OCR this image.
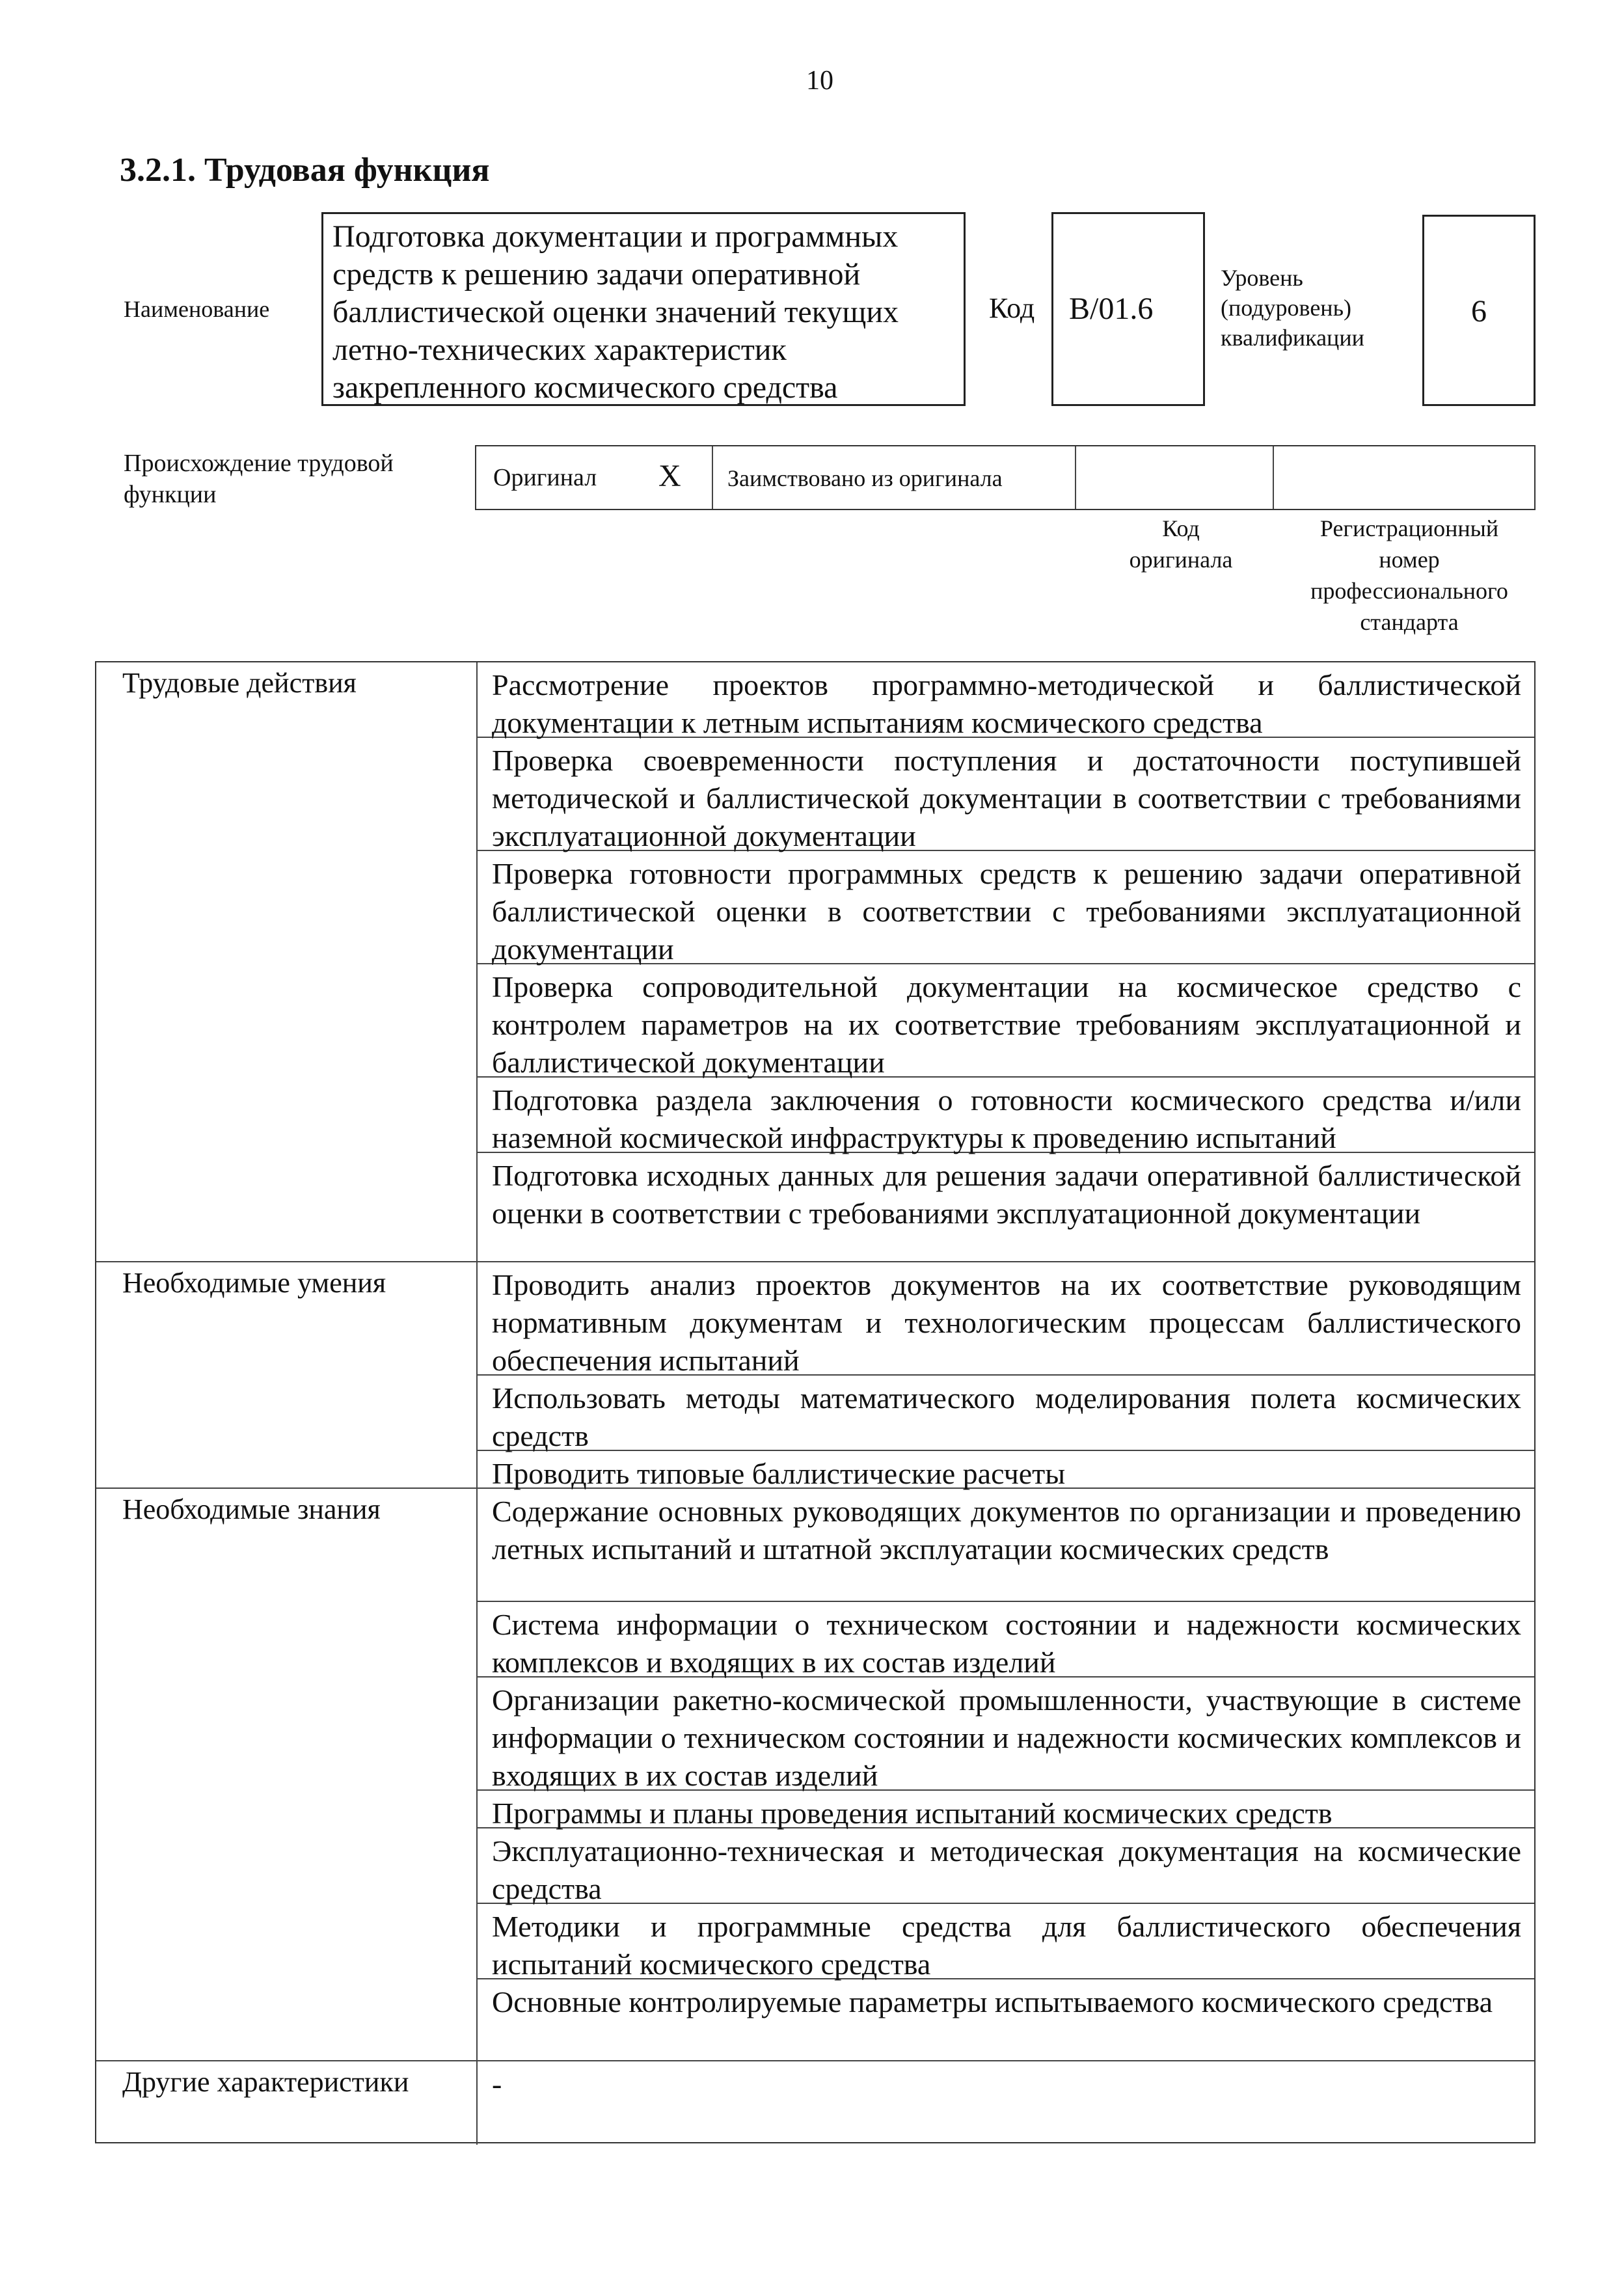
10
3.2.1. Трудовая функция
Наименование
Подготовка документации и программных
средств к решению задачи оперативной
баллистической оценки значений текущих
летно-технических характеристик
закрепленного космического средства
Код	B/01.6
Уровень
(подуровень)
квалификации
6
Происхождение трудовой
функции
Оригинал X	Заимствовано из оригинала
Код
оригинала
Регистрационный
номер
профессионального
стандарта
Трудовые действия	Рассмотрение проектов программно-методической и баллистической документации к летным испытаниям космического средства
Проверка своевременности поступления и достаточности поступившей методической и баллистической документации в соответствии с требованиями эксплуатационной документации
Проверка готовности программных средств к решению задачи оперативной баллистической оценки в соответствии с требованиями эксплуатационной документации
Проверка сопроводительной документации на космическое средство с контролем параметров на их соответствие требованиям эксплуатационной и баллистической документации
Подготовка раздела заключения о готовности космического средства и/или наземной космической инфраструктуры к проведению испытаний
Подготовка исходных данных для решения задачи оперативной баллистической оценки в соответствии с требованиями эксплуатационной документации
Необходимые умения	Проводить анализ проектов документов на их соответствие руководящим нормативным документам и технологическим процессам баллистического обеспечения испытаний
Использовать методы математического моделирования полета космических средств
Проводить типовые баллистические расчеты
Необходимые знания	Содержание основных руководящих документов по организации и проведению летных испытаний и штатной эксплуатации космических средств
Система информации о техническом состоянии и надежности космических комплексов и входящих в их состав изделий
Организации ракетно-космической промышленности, участвующие в системе информации о техническом состоянии и надежности космических комплексов и входящих в их состав изделий
Программы и планы проведения испытаний космических средств
Эксплуатационно-техническая и методическая документация на космические средства
Методики и программные средства для баллистического обеспечения испытаний космического средства
Основные контролируемые параметры испытываемого космического средства
Другие характеристики	-
